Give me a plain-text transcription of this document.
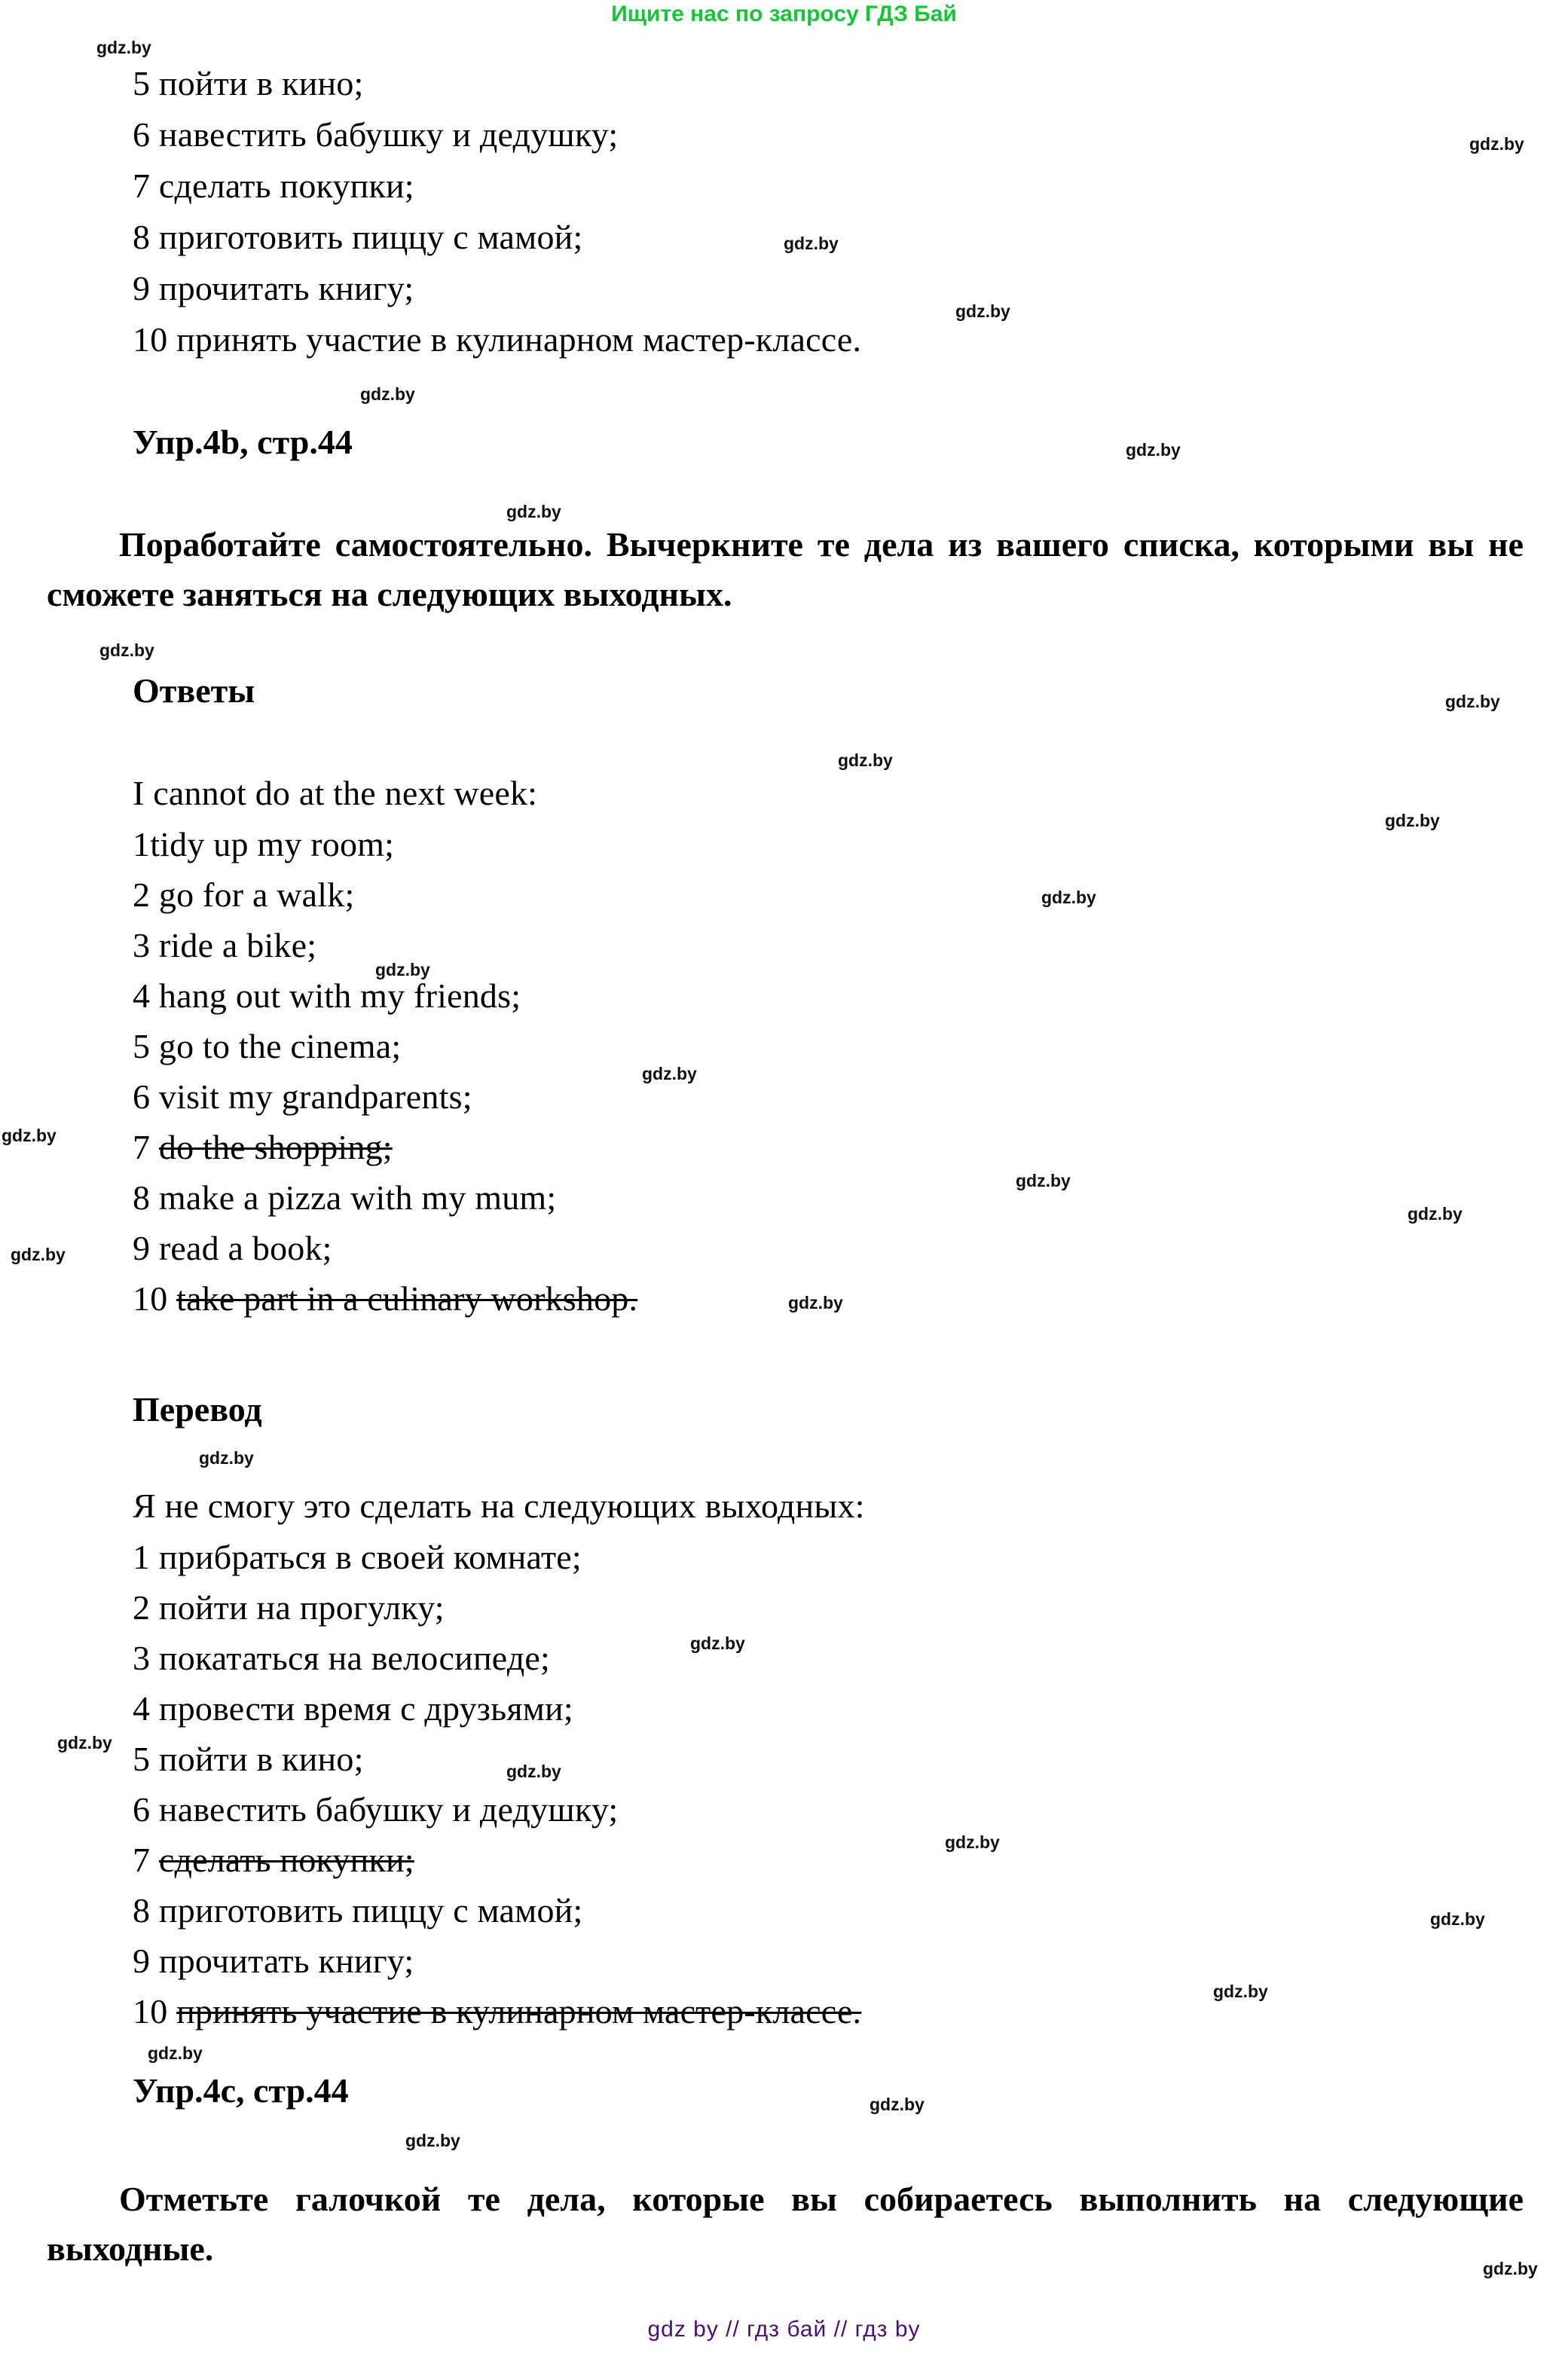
Ищите нас по запросу ГДЗ Бай
gdz.by
gdz.by
gdz.by
gdz.by
gdz.by
gdz.by
gdz.by
gdz.by
gdz.by
gdz.by
gdz.by
gdz.by
gdz.by
gdz.by
gdz.by
gdz.by
gdz.by
gdz.by
gdz.by
gdz.by
gdz.by
gdz.by
gdz.by
gdz.by
gdz.by
gdz.by
gdz.by
gdz.by
gdz.by
gdz.by
5 пойти в кино;
6 навестить бабушку и дедушку;
7 сделать покупки;
8 приготовить пиццу с мамой;
9 прочитать книгу;
10 принять участие в кулинарном мастер-классе.
Упр.4b, стр.44
Поработайте самостоятельно. Вычеркните те дела из вашего списка, которыми вы не сможете заняться на следующих выходных.
Ответы
I cannot do at the next week:
1tidy up my room;
2 go for a walk;
3 ride a bike;
4 hang out with my friends;
5 go to the cinema;
6 visit my grandparents;
7 do the shopping;
8 make a pizza with my mum;
9 read a book;
10 take part in a culinary workshop.
Перевод
Я не смогу это сделать на следующих выходных:
1 прибраться в своей комнате;
2 пойти на прогулку;
3 покататься на велосипеде;
4 провести время с друзьями;
5 пойти в кино;
6 навестить бабушку и дедушку;
7 сделать покупки;
8 приготовить пиццу с мамой;
9 прочитать книгу;
10 принять участие в кулинарном мастер-классе.
Упр.4c, стр.44
Отметьте галочкой те дела, которые вы собираетесь выполнить на следующие выходные.
gdz by // гдз бай // гдз by
